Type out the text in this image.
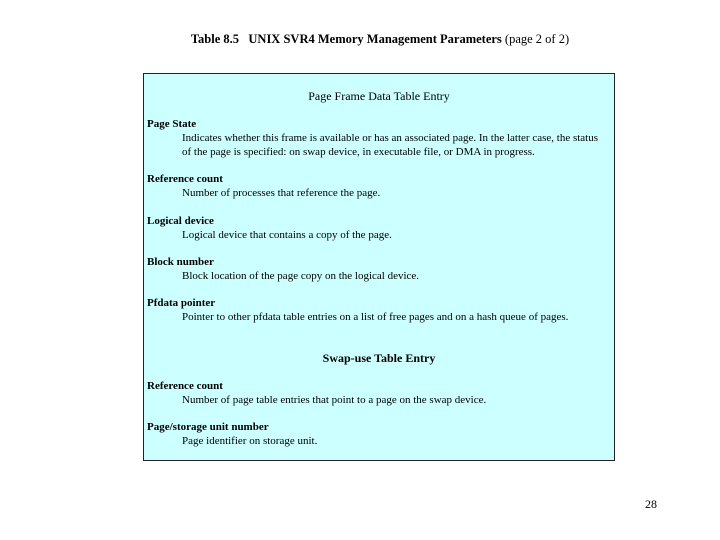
Table 8.5 UNIX SVR4 Memory Management Parameters (page 2 of 2)
Page Frame Data Table Entry
Page State
Indicates whether this frame is available or has an associated page. In the latter case, the status of the page is specified: on swap device, in executable file, or DMA in progress.
Reference count
Number of processes that reference the page.
Logical device
Logical device that contains a copy of the page.
Block number
Block location of the page copy on the logical device.
Pfdata pointer
Pointer to other pfdata table entries on a list of free pages and on a hash queue of pages.
Swap-use Table Entry
Reference count
Number of page table entries that point to a page on the swap device.
Page/storage unit number
Page identifier on storage unit.
28
